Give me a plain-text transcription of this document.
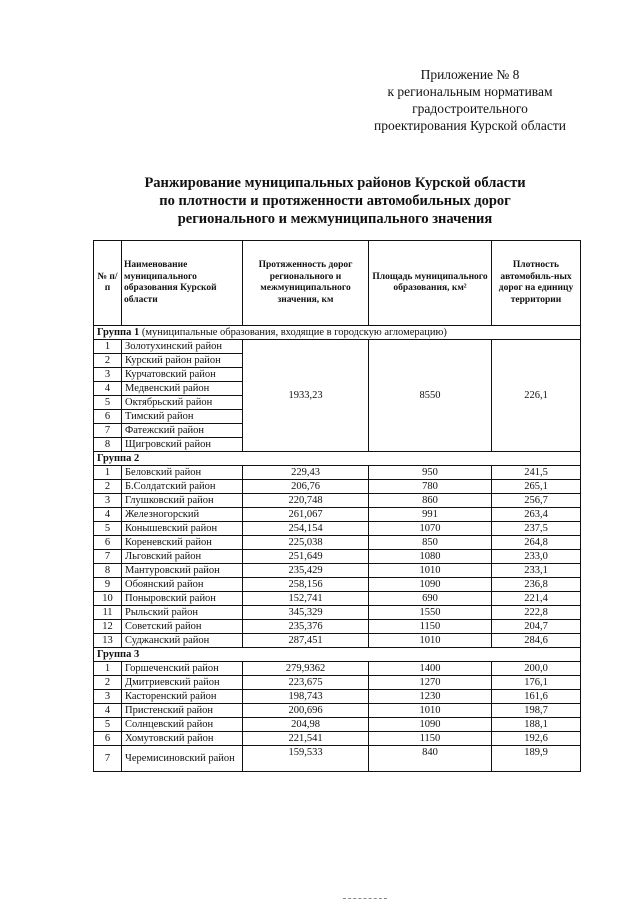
Приложение № 8
к региональным нормативам
градостроительного
проектирования Курской области
Ранжирование муниципальных районов Курской области
по плотности и протяженности автомобильных дорог
регионального и межмуниципального значения
№ п/п	Наименование муниципального образования Курской области	Протяженность дорог регионального и межмуниципального значения, км	Площадь муниципального образования, км²	Плотность автомобиль-ных дорог на единицу территории
Группа 1 (муниципальные образования, входящие в городскую агломерацию)				
1	Золотухинский район	1933,23	8550	226,1
2	Курский район район			
3	Курчатовский район			
4	Медвенский район			
5	Октябрьский район			
6	Тимский район			
7	Фатежский район			
8	Щигровский район			
Группа 2				
1	Беловский район	229,43	950	241,5
2	Б.Солдатский район	206,76	780	265,1
3	Глушковский район	220,748	860	256,7
4	Железногорский	261,067	991	263,4
5	Конышевский район	254,154	1070	237,5
6	Кореневский район	225,038	850	264,8
7	Льговский район	251,649	1080	233,0
8	Мантуровский район	235,429	1010	233,1
9	Обоянский район	258,156	1090	236,8
10	Поныровский район	152,741	690	221,4
11	Рыльский район	345,329	1550	222,8
12	Советский район	235,376	1150	204,7
13	Суджанский район	287,451	1010	284,6
Группа 3				
1	Горшеченский район	279,9362	1400	200,0
2	Дмитриевский район	223,675	1270	176,1
3	Касторенский район	198,743	1230	161,6
4	Пристенский район	200,696	1010	198,7
5	Солнцевский район	204,98	1090	188,1
6	Хомутовский район	221,541	1150	192,6
7	Черемисиновский район	159,533	840	189,9
